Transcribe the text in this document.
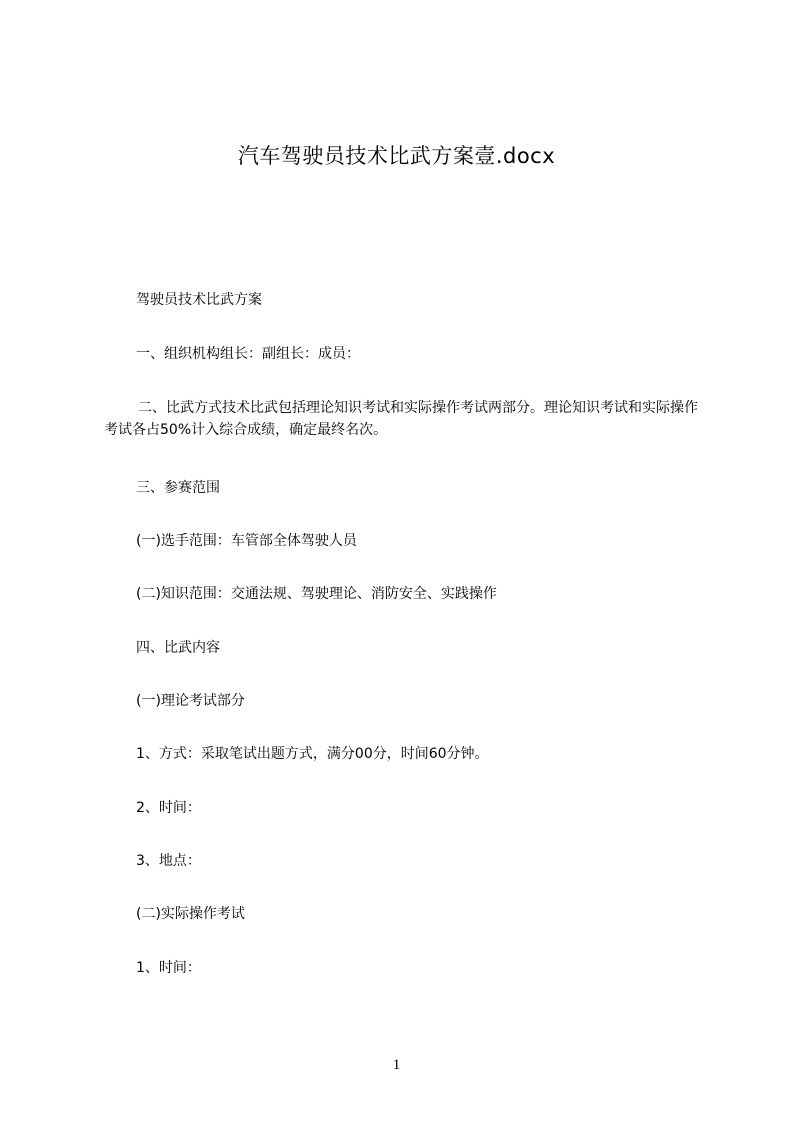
汽车驾驶员技术比武方案壹.docx
驾驶员技术比武方案
一、组织机构组长：副组长：成员：
二、比武方式技术比武包括理论知识考试和实际操作考试两部分。理论知识考试和实际操作考试各占50%计入综合成绩，确定最终名次。
三、参赛范围
(一)选手范围：车管部全体驾驶人员
(二)知识范围：交通法规、驾驶理论、消防安全、实践操作
四、比武内容
(一)理论考试部分
1、方式：采取笔试出题方式，满分00分，时间60分钟。
2、时间：
3、地点：
(二)实际操作考试
1、时间：
1
